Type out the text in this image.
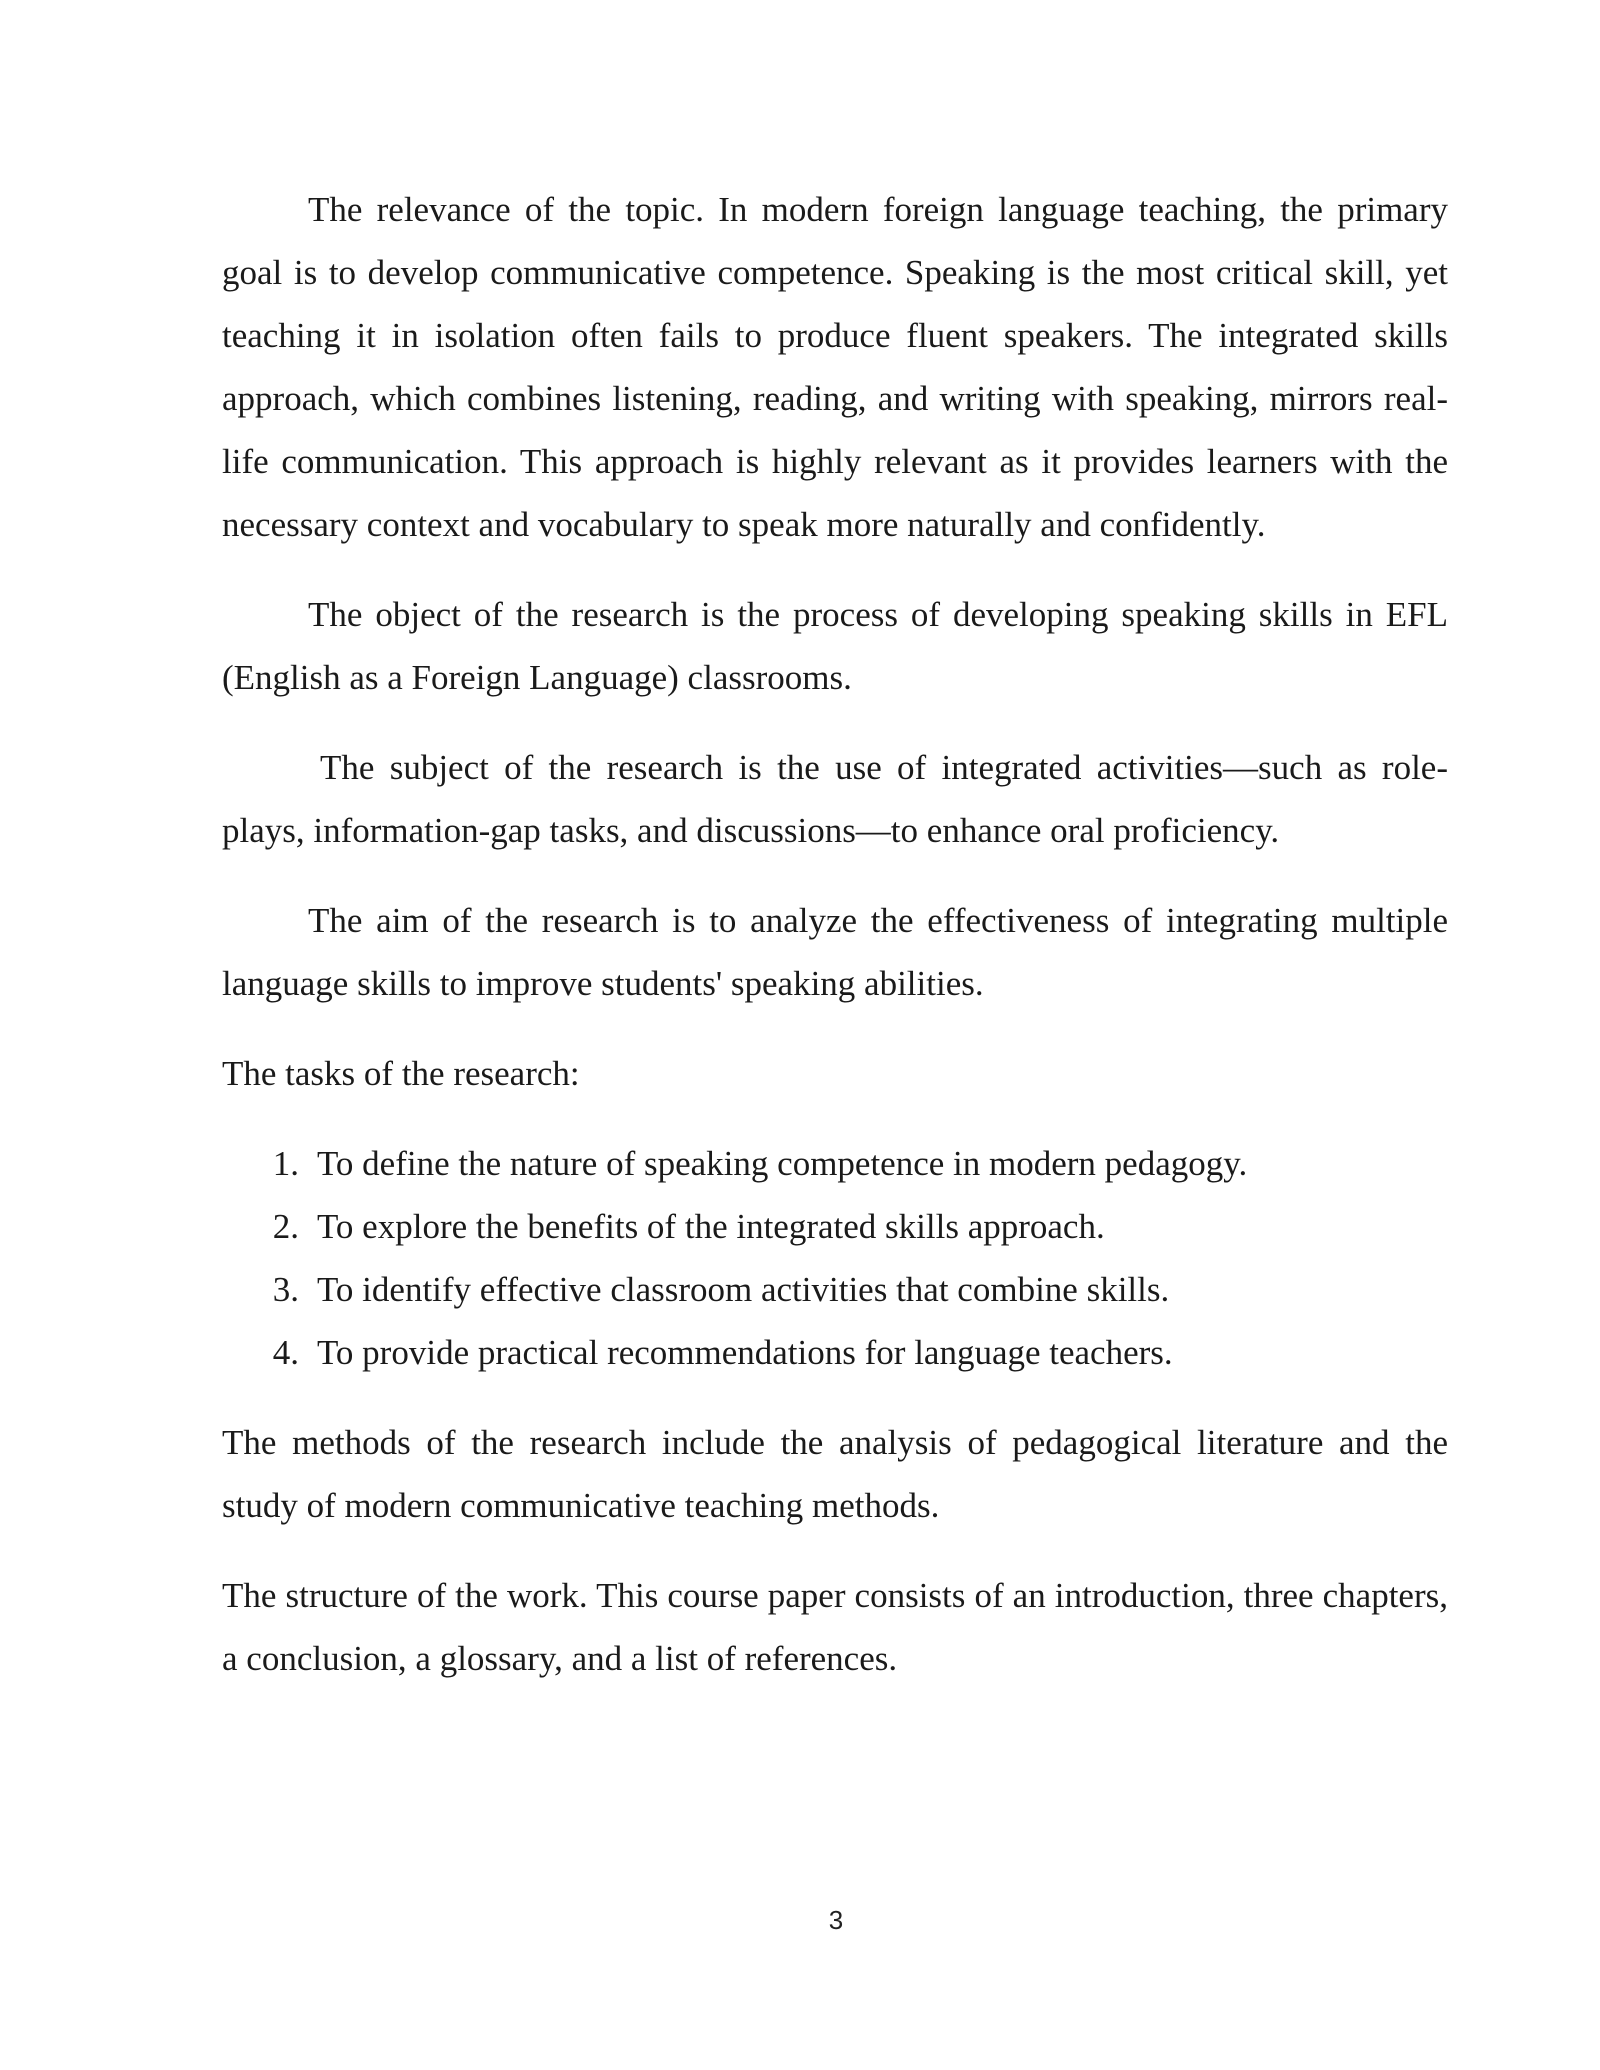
The relevance of the topic. In modern foreign language teaching, the primary goal is to develop communicative competence. Speaking is the most critical skill, yet teaching it in isolation often fails to produce fluent speakers. The integrated skills approach, which combines listening, reading, and writing with speaking, mirrors real-life communication. This approach is highly relevant as it provides learners with the necessary context and vocabulary to speak more naturally and confidently.

The object of the research is the process of developing speaking skills in EFL (English as a Foreign Language) classrooms.

The subject of the research is the use of integrated activities—such as role-plays, information-gap tasks, and discussions—to enhance oral proficiency.

The aim of the research is to analyze the effectiveness of integrating multiple language skills to improve students' speaking abilities.

The tasks of the research:

1. To define the nature of speaking competence in modern pedagogy.
2. To explore the benefits of the integrated skills approach.
3. To identify effective classroom activities that combine skills.
4. To provide practical recommendations for language teachers.

The methods of the research include the analysis of pedagogical literature and the study of modern communicative teaching methods.

The structure of the work. This course paper consists of an introduction, three chapters, a conclusion, a glossary, and a list of references.

3
